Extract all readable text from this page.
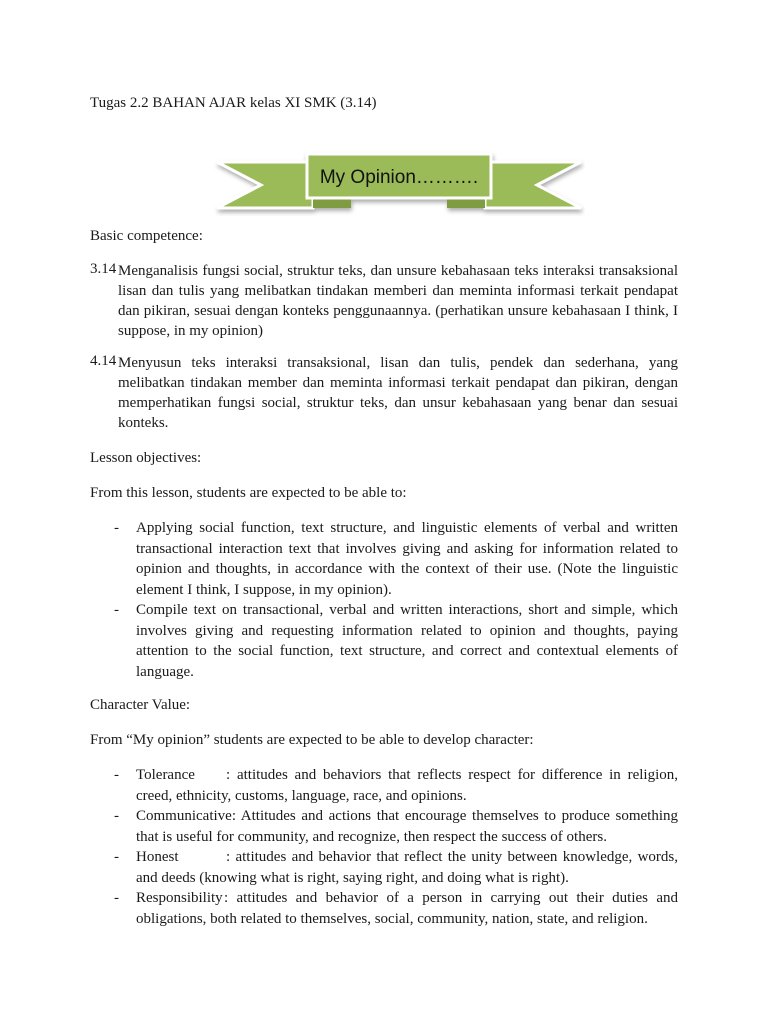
Tugas 2.2 BAHAN AJAR kelas XI SMK (3.14)
My Opinion……….

Basic competence:

3.14 Menganalisis fungsi social, struktur teks, dan unsure kebahasaan teks interaksi transaksional lisan dan tulis yang melibatkan tindakan memberi dan meminta informasi terkait pendapat dan pikiran, sesuai dengan konteks penggunaannya. (perhatikan unsure kebahasaan I think, I suppose, in my opinion)
4.14 Menyusun teks interaksi transaksional, lisan dan tulis, pendek dan sederhana, yang melibatkan tindakan member dan meminta informasi terkait pendapat dan pikiran, dengan memperhatikan fungsi social, struktur teks, dan unsur kebahasaan yang benar dan sesuai konteks.

Lesson objectives:

From this lesson, students are expected to be able to:

-	Applying social function, text structure, and linguistic elements of verbal and written transactional interaction text that involves giving and asking for information related to opinion and thoughts, in accordance with the context of their use. (Note the linguistic element I think, I suppose, in my opinion).
-	Compile text on transactional, verbal and written interactions, short and simple, which involves giving and requesting information related to opinion and thoughts, paying attention to the social function, text structure, and correct and contextual elements of language.

Character Value:

From “My opinion” students are expected to be able to develop character:

-	Tolerance : attitudes and behaviors that reflects respect for difference in religion, creed, ethnicity, customs, language, race, and opinions.
-	Communicative: Attitudes and actions that encourage themselves to produce something that is useful for community, and recognize, then respect the success of others.
-	Honest	: attitudes and behavior that reflect the unity between knowledge, words, and deeds (knowing what is right, saying right, and doing what is right).
-	Responsibility: attitudes and behavior of a person in carrying out their duties and obligations, both related to themselves, social, community, nation, state, and religion.
